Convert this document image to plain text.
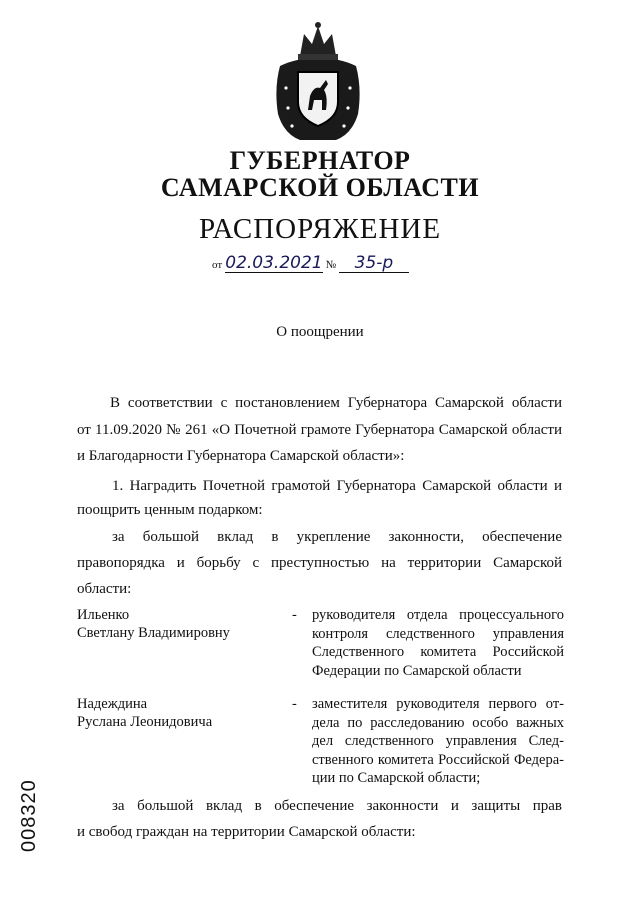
ГУБЕРНАТОР
САМАРСКОЙ ОБЛАСТИ
РАСПОРЯЖЕНИЕ
от 02.03.2021 № 35-р
О поощрении
В соответствии с постановлением Губернатора Самарской области
от 11.09.2020 № 261 «О Почетной грамоте Губернатора Самарской области
и Благодарности Губернатора Самарской области»:
1. Наградить Почетной грамотой Губернатора Самарской области и
поощрить ценным подарком:
за большой вклад в укрепление законности, обеспечение
правопорядка и борьбу с преступностью на территории Самарской
области:
Ильенко
Светлану Владимировну
- руководителя отдела процессуального
контроля следственного управления
Следственного комитета Российской
Федерации по Самарской области
Надеждина
Руслана Леонидовича
- заместителя руководителя первого от-
дела по расследованию особо важных
дел следственного управления След-
ственного комитета Российской Федера-
ции по Самарской области;
за большой вклад в обеспечение законности и защиты прав
и свобод граждан на территории Самарской области:
008320
